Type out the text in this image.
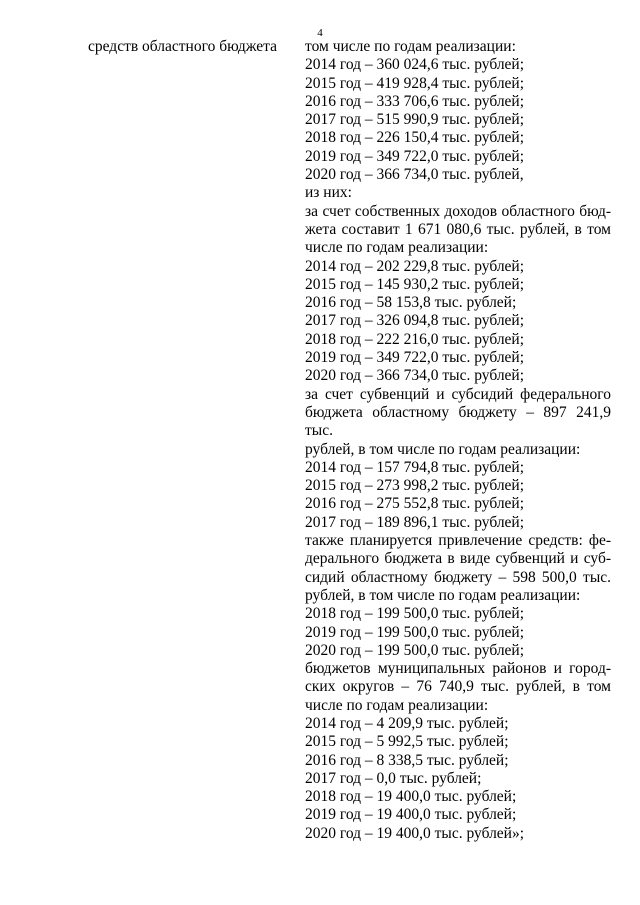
4
средств областного бюджета	том числе по годам реализации:
2014 год – 360 024,6 тыс. рублей;
2015 год – 419 928,4 тыс. рублей;
2016 год – 333 706,6 тыс. рублей;
2017 год – 515 990,9 тыс. рублей;
2018 год – 226 150,4 тыс. рублей;
2019 год – 349 722,0 тыс. рублей;
2020 год – 366 734,0 тыс. рублей,
из них:
за счет собственных доходов областного бюд-
жета составит 1 671 080,6 тыс. рублей, в том
числе по годам реализации:
2014 год – 202 229,8 тыс. рублей;
2015 год – 145 930,2 тыс. рублей;
2016 год – 58 153,8 тыс. рублей;
2017 год – 326 094,8 тыс. рублей;
2018 год – 222 216,0 тыс. рублей;
2019 год – 349 722,0 тыс. рублей;
2020 год – 366 734,0 тыс. рублей;
за счет субвенций и субсидий федерального
бюджета областному бюджету – 897 241,9 тыс.
рублей, в том числе по годам реализации:
2014 год – 157 794,8 тыс. рублей;
2015 год – 273 998,2 тыс. рублей;
2016 год – 275 552,8 тыс. рублей;
2017 год – 189 896,1 тыс. рублей;
также планируется привлечение средств: фе-
дерального бюджета в виде субвенций и суб-
сидий областному бюджету – 598 500,0 тыс.
рублей, в том числе по годам реализации:
2018 год – 199 500,0 тыс. рублей;
2019 год – 199 500,0 тыс. рублей;
2020 год – 199 500,0 тыс. рублей;
бюджетов муниципальных районов и город-
ских округов – 76 740,9 тыс. рублей, в том
числе по годам реализации:
2014 год – 4 209,9 тыс. рублей;
2015 год – 5 992,5 тыс. рублей;
2016 год – 8 338,5 тыс. рублей;
2017 год – 0,0 тыс. рублей;
2018 год – 19 400,0 тыс. рублей;
2019 год – 19 400,0 тыс. рублей;
2020 год – 19 400,0 тыс. рублей»;
